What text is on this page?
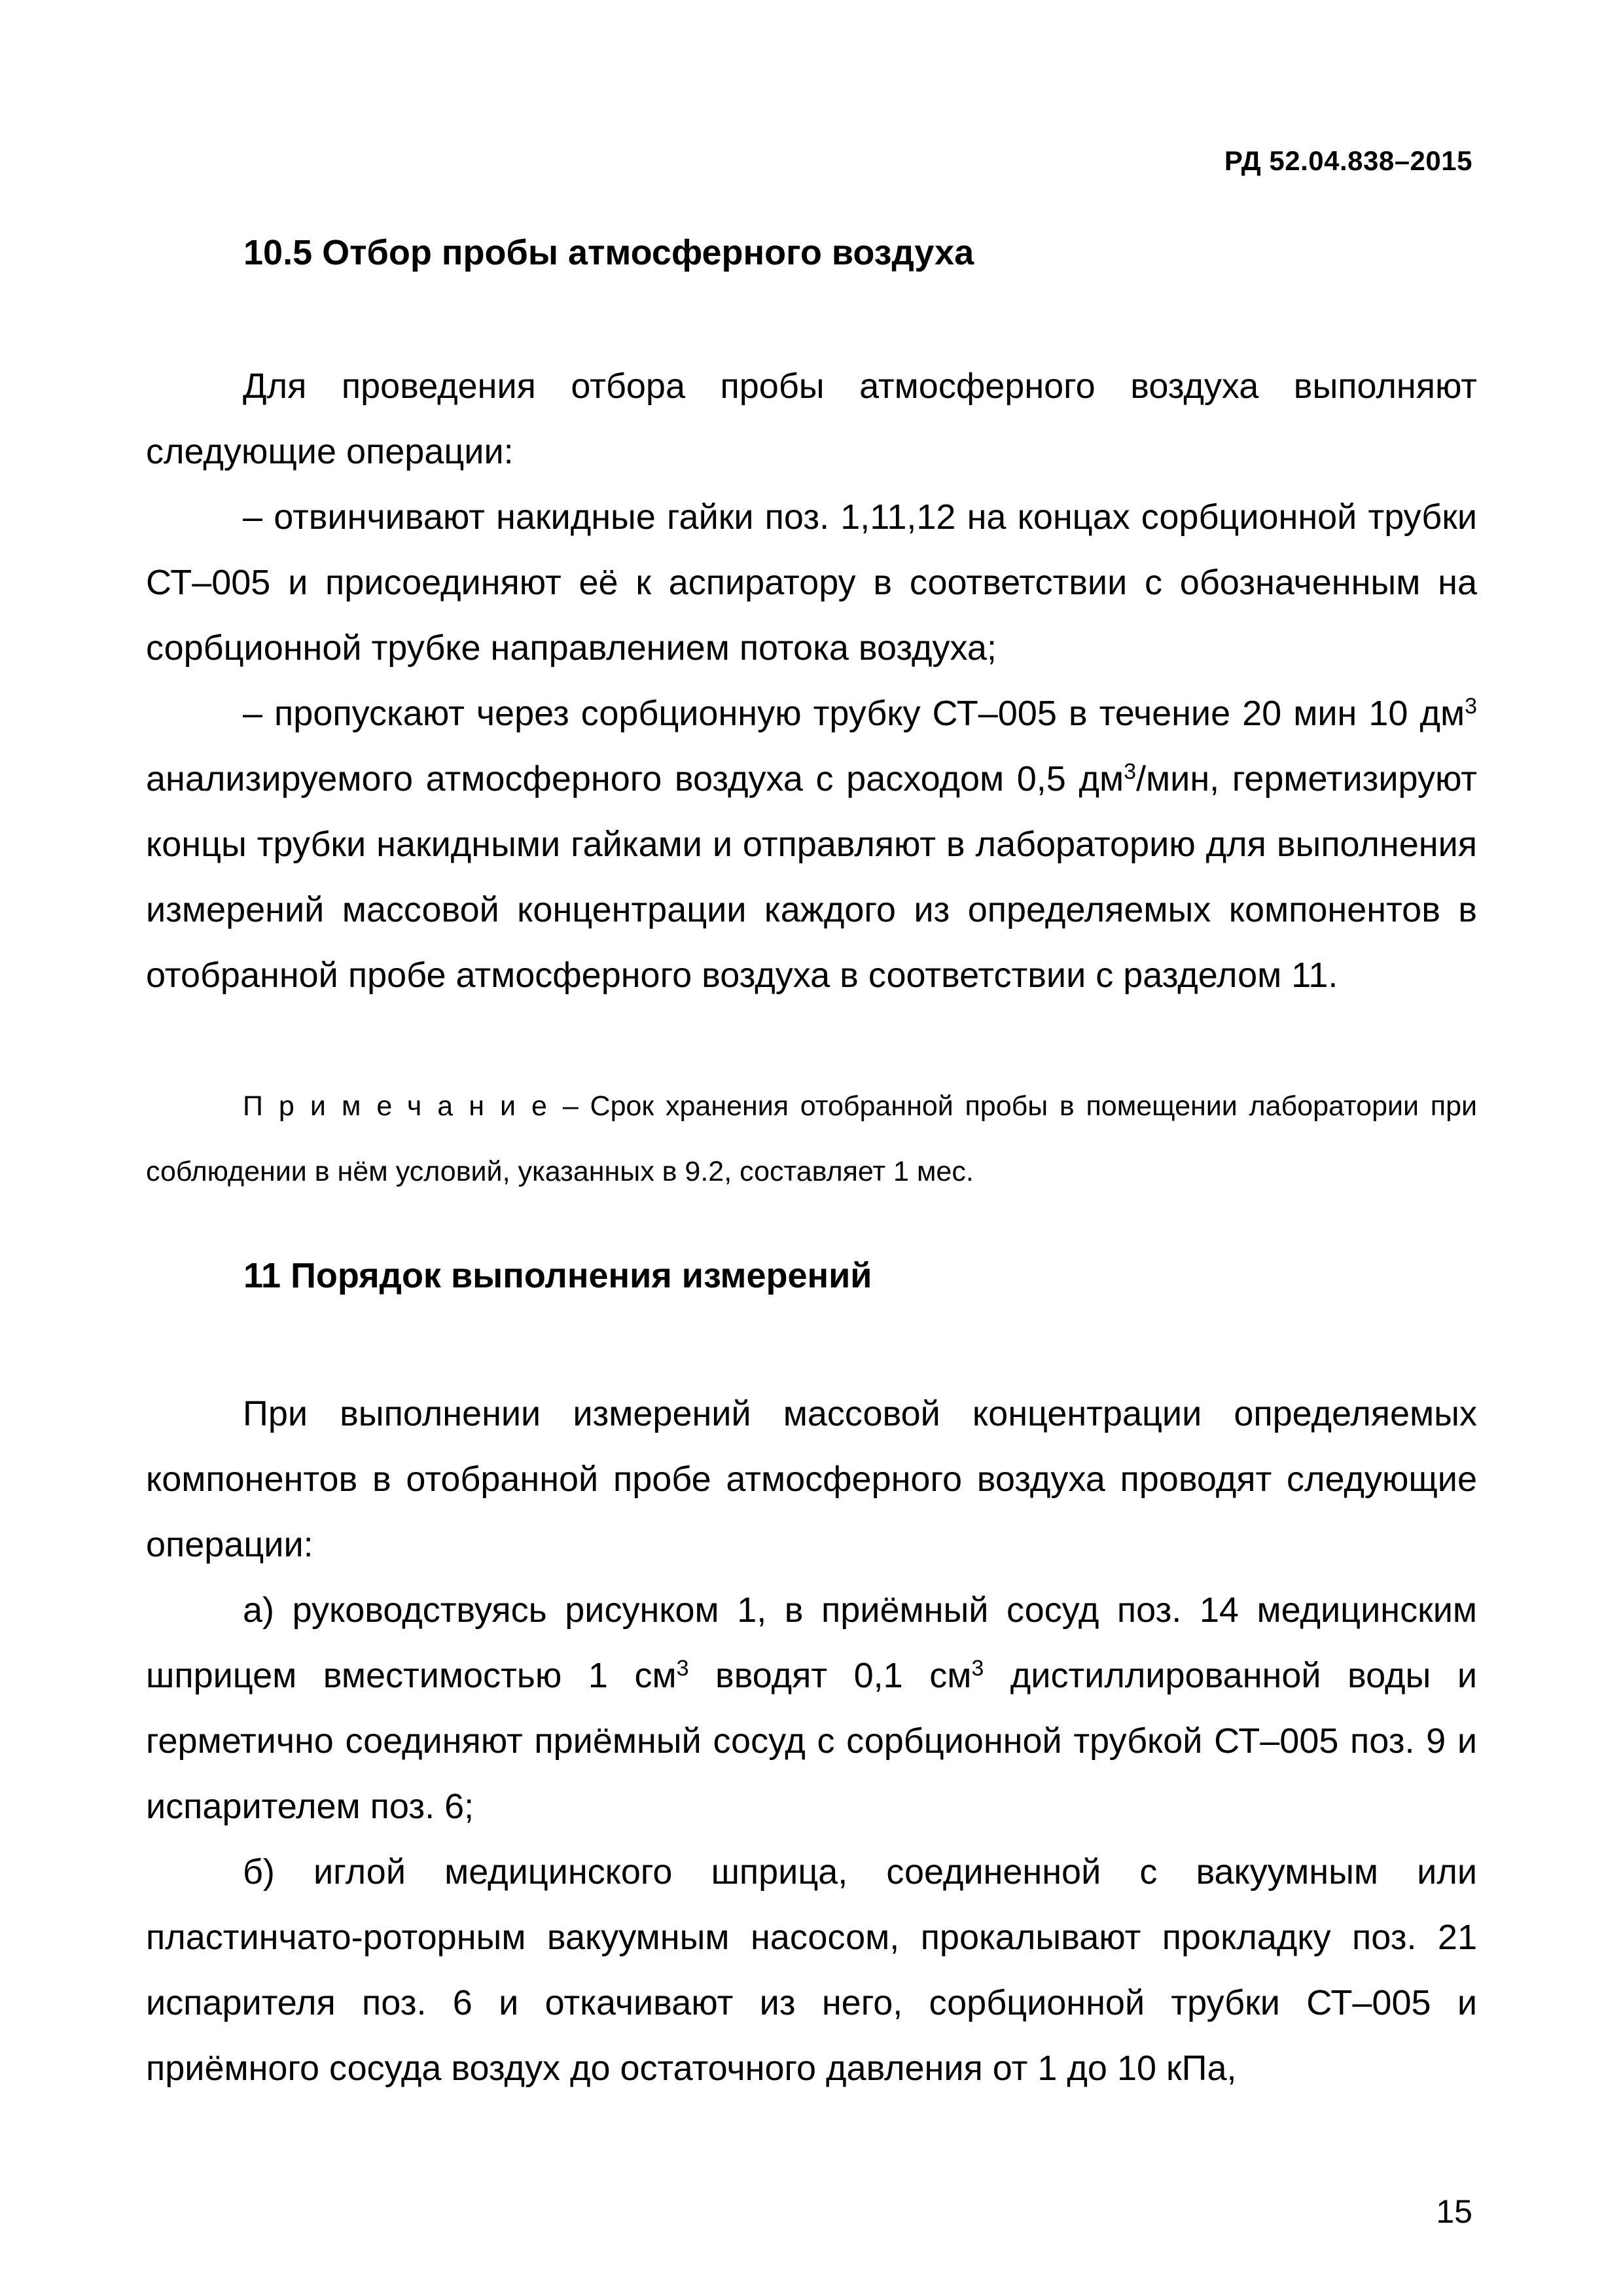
РД 52.04.838–2015
10.5 Отбор пробы атмосферного воздуха
Для проведения отбора пробы атмосферного воздуха выполняют следующие операции:
– отвинчивают накидные гайки поз. 1,11,12 на концах сорбционной трубки СТ–005 и присоединяют её к аспиратору в соответствии с обозначенным на сорбционной трубке направлением потока воздуха;
– пропускают через сорбционную трубку СТ–005 в течение 20 мин 10 $дм^3$ анализируемого атмосферного воздуха с расходом 0,5 $дм^3$/мин, герметизируют концы трубки накидными гайками и отправляют в лабораторию для выполнения измерений массовой концентрации каждого из определяемых компонентов в отобранной пробе атмосферного воздуха в соответствии с разделом 11.
Примечание– Срок хранения отобранной пробы в помещении лаборатории при соблюдении в нём условий, указанных в 9.2, составляет 1 мес.
11 Порядок выполнения измерений
При выполнении измерений массовой концентрации определяемых компонентов в отобранной пробе атмосферного воздуха проводят следующие операции:
а) руководствуясь рисунком 1, в приёмный сосуд поз. 14 медицинским шприцем вместимостью 1 $см^3$ вводят 0,1 $см^3$ дистиллированной воды и герметично соединяют приёмный сосуд с сорбционной трубкой СТ–005 поз. 9 и испарителем поз. 6;
б) иглой медицинского шприца, соединенной с вакуумным или пластинчато-роторным вакуумным насосом, прокалывают прокладку поз. 21 испарителя поз. 6 и откачивают из него, сорбционной трубки СТ–005 и приёмного сосуда воздух до остаточного давления от 1 до 10 кПа,
15
